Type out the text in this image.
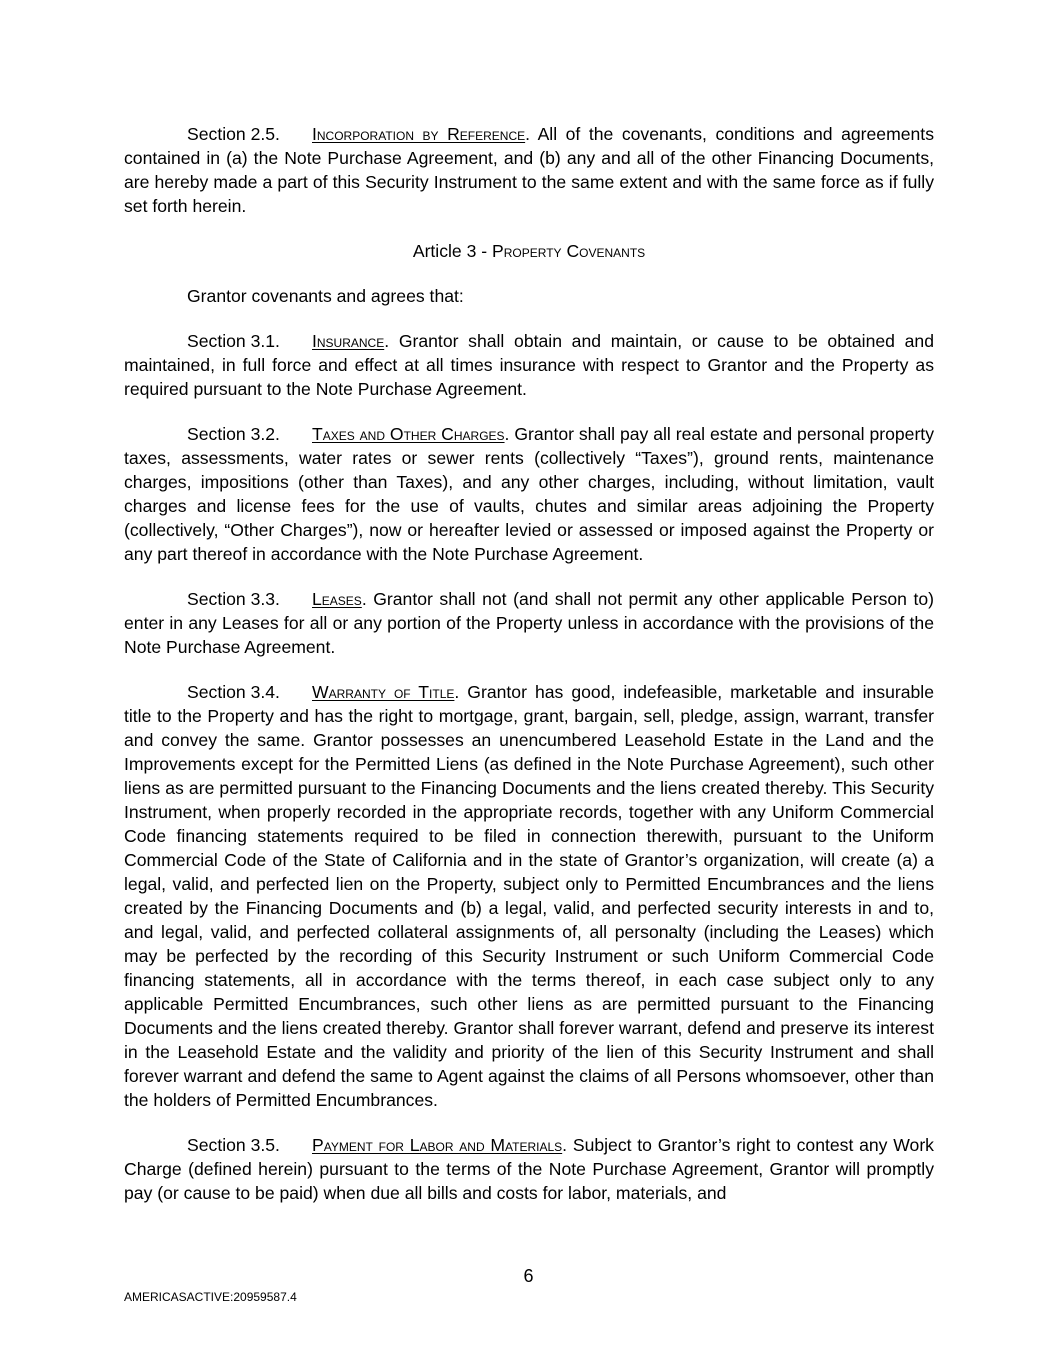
Section 2.5. Incorporation by Reference. All of the covenants, conditions and agreements contained in (a) the Note Purchase Agreement, and (b) any and all of the other Financing Documents, are hereby made a part of this Security Instrument to the same extent and with the same force as if fully set forth herein.

Article 3 - Property Covenants

Grantor covenants and agrees that:

Section 3.1. Insurance. Grantor shall obtain and maintain, or cause to be obtained and maintained, in full force and effect at all times insurance with respect to Grantor and the Property as required pursuant to the Note Purchase Agreement.

Section 3.2. Taxes and Other Charges. Grantor shall pay all real estate and personal property taxes, assessments, water rates or sewer rents (collectively “Taxes”), ground rents, maintenance charges, impositions (other than Taxes), and any other charges, including, without limitation, vault charges and license fees for the use of vaults, chutes and similar areas adjoining the Property (collectively, “Other Charges”), now or hereafter levied or assessed or imposed against the Property or any part thereof in accordance with the Note Purchase Agreement.

Section 3.3. Leases. Grantor shall not (and shall not permit any other applicable Person to) enter in any Leases for all or any portion of the Property unless in accordance with the provisions of the Note Purchase Agreement.

Section 3.4. Warranty of Title. Grantor has good, indefeasible, marketable and insurable title to the Property and has the right to mortgage, grant, bargain, sell, pledge, assign, warrant, transfer and convey the same. Grantor possesses an unencumbered Leasehold Estate in the Land and the Improvements except for the Permitted Liens (as defined in the Note Purchase Agreement), such other liens as are permitted pursuant to the Financing Documents and the liens created thereby. This Security Instrument, when properly recorded in the appropriate records, together with any Uniform Commercial Code financing statements required to be filed in connection therewith, pursuant to the Uniform Commercial Code of the State of California and in the state of Grantor’s organization, will create (a) a legal, valid, and perfected lien on the Property, subject only to Permitted Encumbrances and the liens created by the Financing Documents and (b) a legal, valid, and perfected security interests in and to, and legal, valid, and perfected collateral assignments of, all personalty (including the Leases) which may be perfected by the recording of this Security Instrument or such Uniform Commercial Code financing statements, all in accordance with the terms thereof, in each case subject only to any applicable Permitted Encumbrances, such other liens as are permitted pursuant to the Financing Documents and the liens created thereby. Grantor shall forever warrant, defend and preserve its interest in the Leasehold Estate and the validity and priority of the lien of this Security Instrument and shall forever warrant and defend the same to Agent against the claims of all Persons whomsoever, other than the holders of Permitted Encumbrances.

Section 3.5. Payment for Labor and Materials. Subject to Grantor’s right to contest any Work Charge (defined herein) pursuant to the terms of the Note Purchase Agreement, Grantor will promptly pay (or cause to be paid) when due all bills and costs for labor, materials, and

6
AMERICASACTIVE:20959587.4
